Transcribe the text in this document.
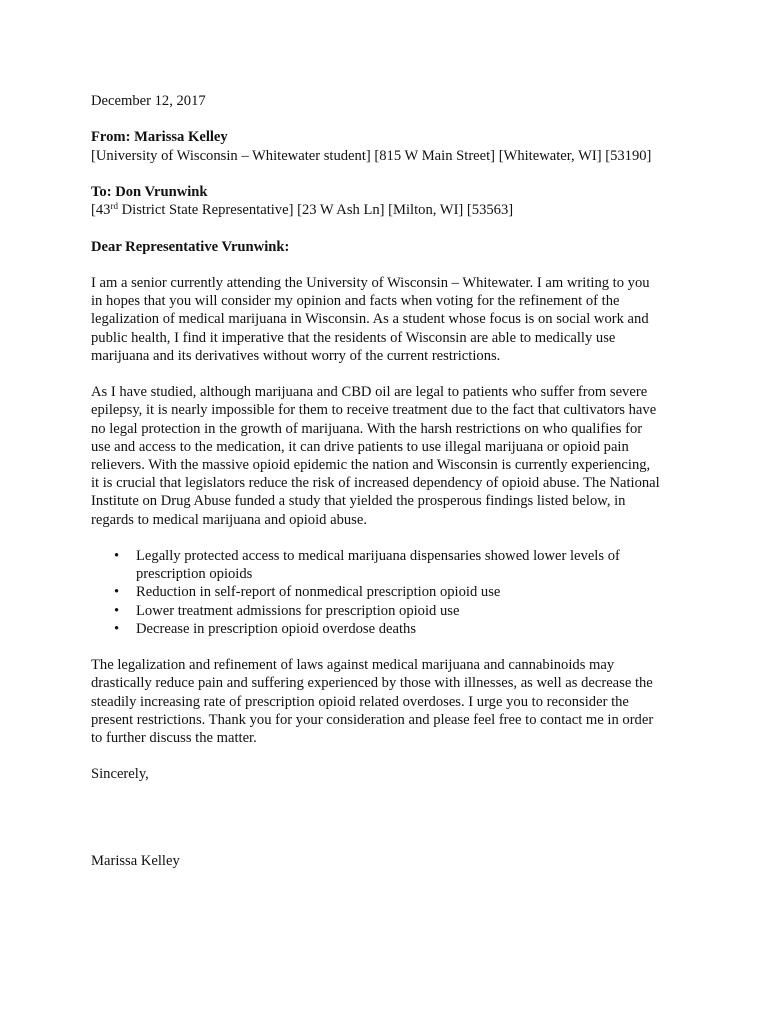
December 12, 2017
From: Marissa Kelley
[University of Wisconsin – Whitewater student] [815 W Main Street] [Whitewater, WI] [53190]
To: Don Vrunwink
[43rd District State Representative] [23 W Ash Ln] [Milton, WI] [53563]
Dear Representative Vrunwink:
I am a senior currently attending the University of Wisconsin – Whitewater. I am writing to you
in hopes that you will consider my opinion and facts when voting for the refinement of the
legalization of medical marijuana in Wisconsin. As a student whose focus is on social work and
public health, I find it imperative that the residents of Wisconsin are able to medically use
marijuana and its derivatives without worry of the current restrictions.
As I have studied, although marijuana and CBD oil are legal to patients who suffer from severe
epilepsy, it is nearly impossible for them to receive treatment due to the fact that cultivators have
no legal protection in the growth of marijuana. With the harsh restrictions on who qualifies for
use and access to the medication, it can drive patients to use illegal marijuana or opioid pain
relievers. With the massive opioid epidemic the nation and Wisconsin is currently experiencing,
it is crucial that legislators reduce the risk of increased dependency of opioid abuse. The National
Institute on Drug Abuse funded a study that yielded the prosperous findings listed below, in
regards to medical marijuana and opioid abuse.
• Legally protected access to medical marijuana dispensaries showed lower levels of
prescription opioids
• Reduction in self-report of nonmedical prescription opioid use
• Lower treatment admissions for prescription opioid use
• Decrease in prescription opioid overdose deaths
The legalization and refinement of laws against medical marijuana and cannabinoids may
drastically reduce pain and suffering experienced by those with illnesses, as well as decrease the
steadily increasing rate of prescription opioid related overdoses. I urge you to reconsider the
present restrictions. Thank you for your consideration and please feel free to contact me in order
to further discuss the matter.
Sincerely,
Marissa Kelley
